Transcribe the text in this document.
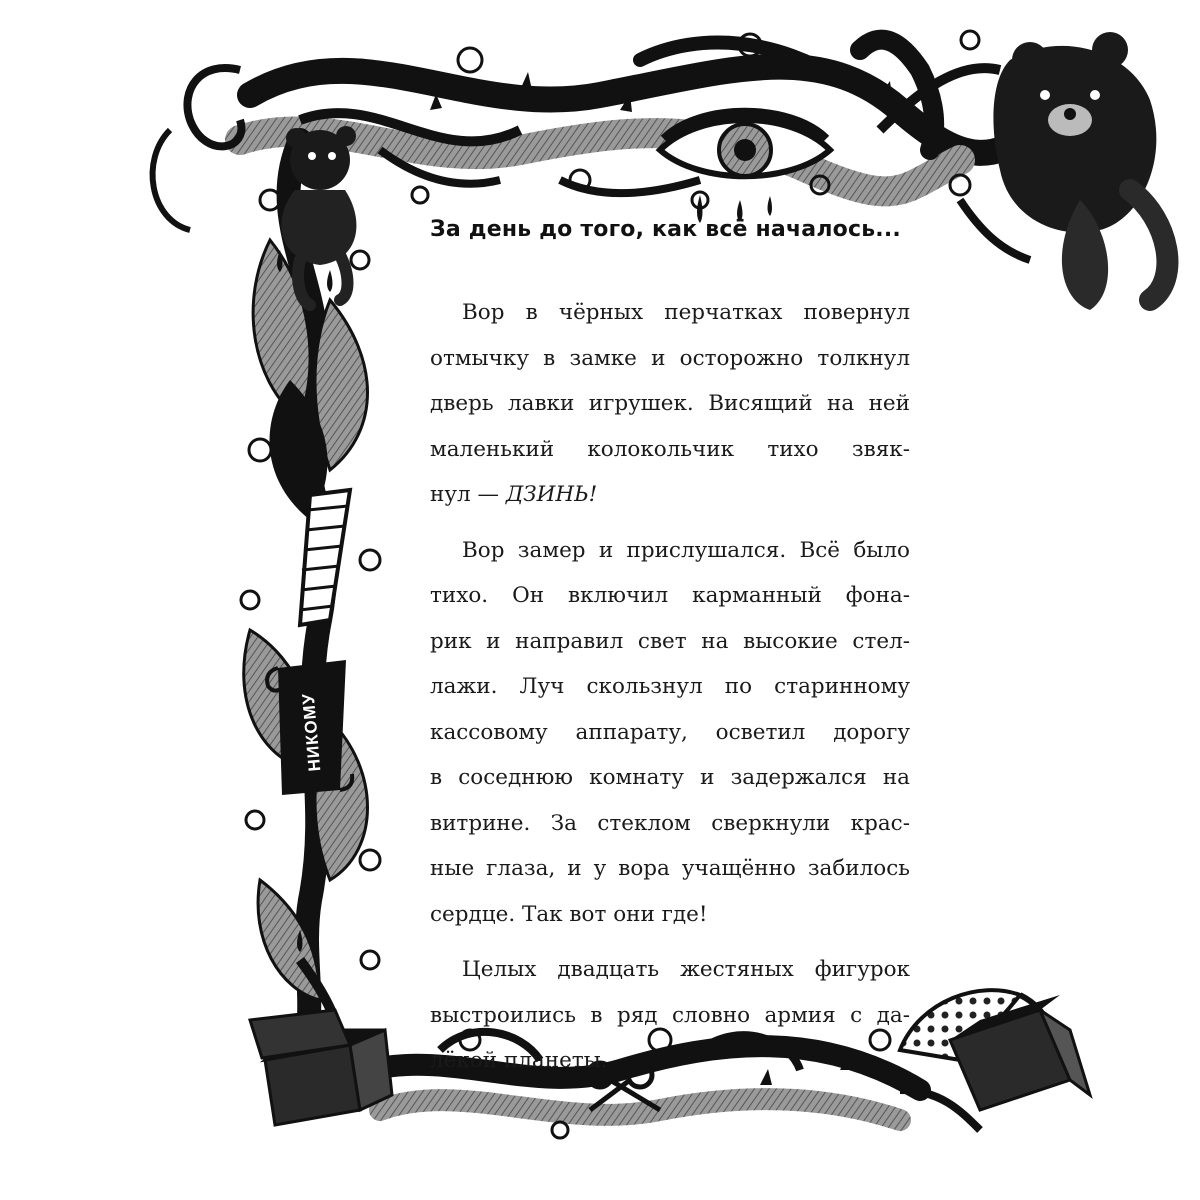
НИКОМУ
За день до того, как всё началось...
Вор в чёрных перчатках повернул
отмычку в замке и осторожно толкнул
дверь лавки игрушек. Висящий на ней
маленький колокольчик тихо звяк-
нул — ДЗИНЬ!
Вор замер и прислушался. Всё было
тихо. Он включил карманный фона-
рик и направил свет на высокие стел-
лажи. Луч скользнул по старинному
кассовому аппарату, осветил дорогу
в соседнюю комнату и задержался на
витрине. За стеклом сверкнули крас-
ные глаза, и у вора учащённо забилось
сердце. Так вот они где!
Целых двадцать жестяных фигурок
выстроились в ряд словно армия с да-
лёкой планеты.
